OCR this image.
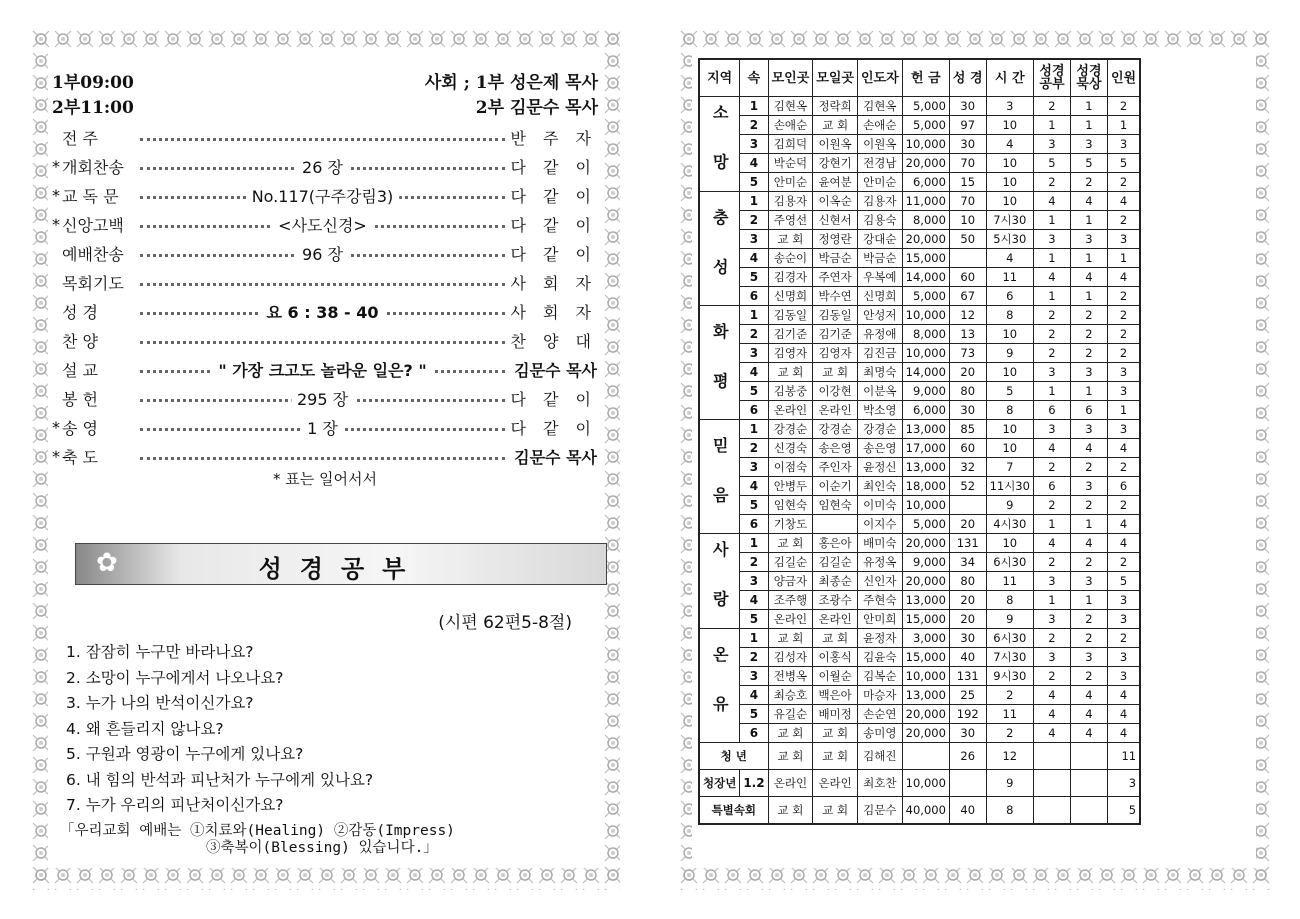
1부09:00	사회 ; 1부 성은제 목사
2부11:00	2부 김문수 목사
전 주	반 주 자
* 개회찬송	26 장	다 같 이
* 교 독 문	No.117(구주강림3)	다 같 이
* 신앙고백	<사도신경>	다 같 이
예배찬송	96 장	다 같 이
목회기도	사 회 자
성 경	요 6 : 38 - 40	사 회 자
찬 양	찬 양 대
설 교	" 가장 크고도 놀라운 일은? "	김문수 목사
봉 헌	295 장	다 같 이
* 송 영	1 장	다 같 이
* 축 도	김문수 목사
* 표는 일어서서
✿	성경공부
(시편 62편5-8절)
1. 잠잠히 누구만 바라나요?
2. 소망이 누구에게서 나오나요?
3. 누가 나의 반석이신가요?
4. 왜 흔들리지 않나요?
5. 구원과 영광이 누구에게 있나요?
6. 내 힘의 반석과 피난처가 누구에게 있나요?
7. 누가 우리의 피난처이신가요?
「우리교회 예배는 ①치료와(Healing) ②감동(Impress)
③축복이(Blessing) 있습니다.」
지역	속	모인곳	모일곳	인도자	헌 금	성 경	시 간	성경공부	성경묵상	인원
소 망	1	김현옥	정락희	김현옥	5,000	30	3	2	1	2
	2	손애순	교 회	손애순	5,000	97	10	1	1	1
	3	김희덕	이원옥	이원옥	10,000	30	4	3	3	3
	4	박순덕	강현기	전경남	20,000	70	10	5	5	5
	5	안미순	윤여분	안미순	6,000	15	10	2	2	2
충 성	1	김용자	이옥순	김용자	11,000	70	10	4	4	4
	2	주영선	신현서	김용숙	8,000	10	7시30	1	1	2
	3	교 회	정영란	강대순	20,000	50	5시30	3	3	3
	4	송순이	박금순	박금순	15,000		4	1	1	1
	5	김경자	주연자	우복예	14,000	60	11	4	4	4
	6	신명희	박수연	신명희	5,000	67	6	1	1	2
화 평	1	김동일	김동일	안성저	10,000	12	8	2	2	2
	2	김기준	김기준	유정애	8,000	13	10	2	2	2
	3	김영자	김영자	김진금	10,000	73	9	2	2	2
	4	교 회	교 회	최명숙	14,000	20	10	3	3	3
	5	김봉중	이강현	이분옥	9,000	80	5	1	1	3
	6	온라인	온라인	박소영	6,000	30	8	6	6	1
믿 음	1	강경순	강경순	강경순	13,000	85	10	3	3	3
	2	신경숙	송은영	송은영	17,000	60	10	4	4	4
	3	이점숙	주인자	윤정신	13,000	32	7	2	2	2
	4	안병두	이순기	최인숙	18,000	52	11시30	6	3	6
	5	임현숙	임현숙	이미숙	10,000		9	2	2	2
	6	기창도		이지수	5,000	20	4시30	1	1	4
사 랑	1	교 회	홍은아	배미숙	20,000	131	10	4	4	4
	2	김길순	김길순	유정옥	9,000	34	6시30	2	2	2
	3	양금자	최종순	신인자	20,000	80	11	3	3	5
	4	조주행	조광수	주현숙	13,000	20	8	1	1	3
	5	온라인	온라인	안미희	15,000	20	9	3	2	3
온 유	1	교 회	교 회	윤정자	3,000	30	6시30	2	2	2
	2	김성자	이홍식	김윤숙	15,000	40	7시30	3	3	3
	3	전병옥	이월순	김복순	10,000	131	9시30	2	2	3
	4	최승호	백은아	마승자	13,000	25	2	4	4	4
	5	유길순	배미정	손순연	20,000	192	11	4	4	4
	6	교 회	교 회	송미영	20,000	30	2	4	4	4
청 년		교 회	교 회	김해진		26	12			11
청장년	1.2	온라인	온라인	최호찬	10,000		9			3
특별속회		교 회	교 회	김문수	40,000	40	8			5
